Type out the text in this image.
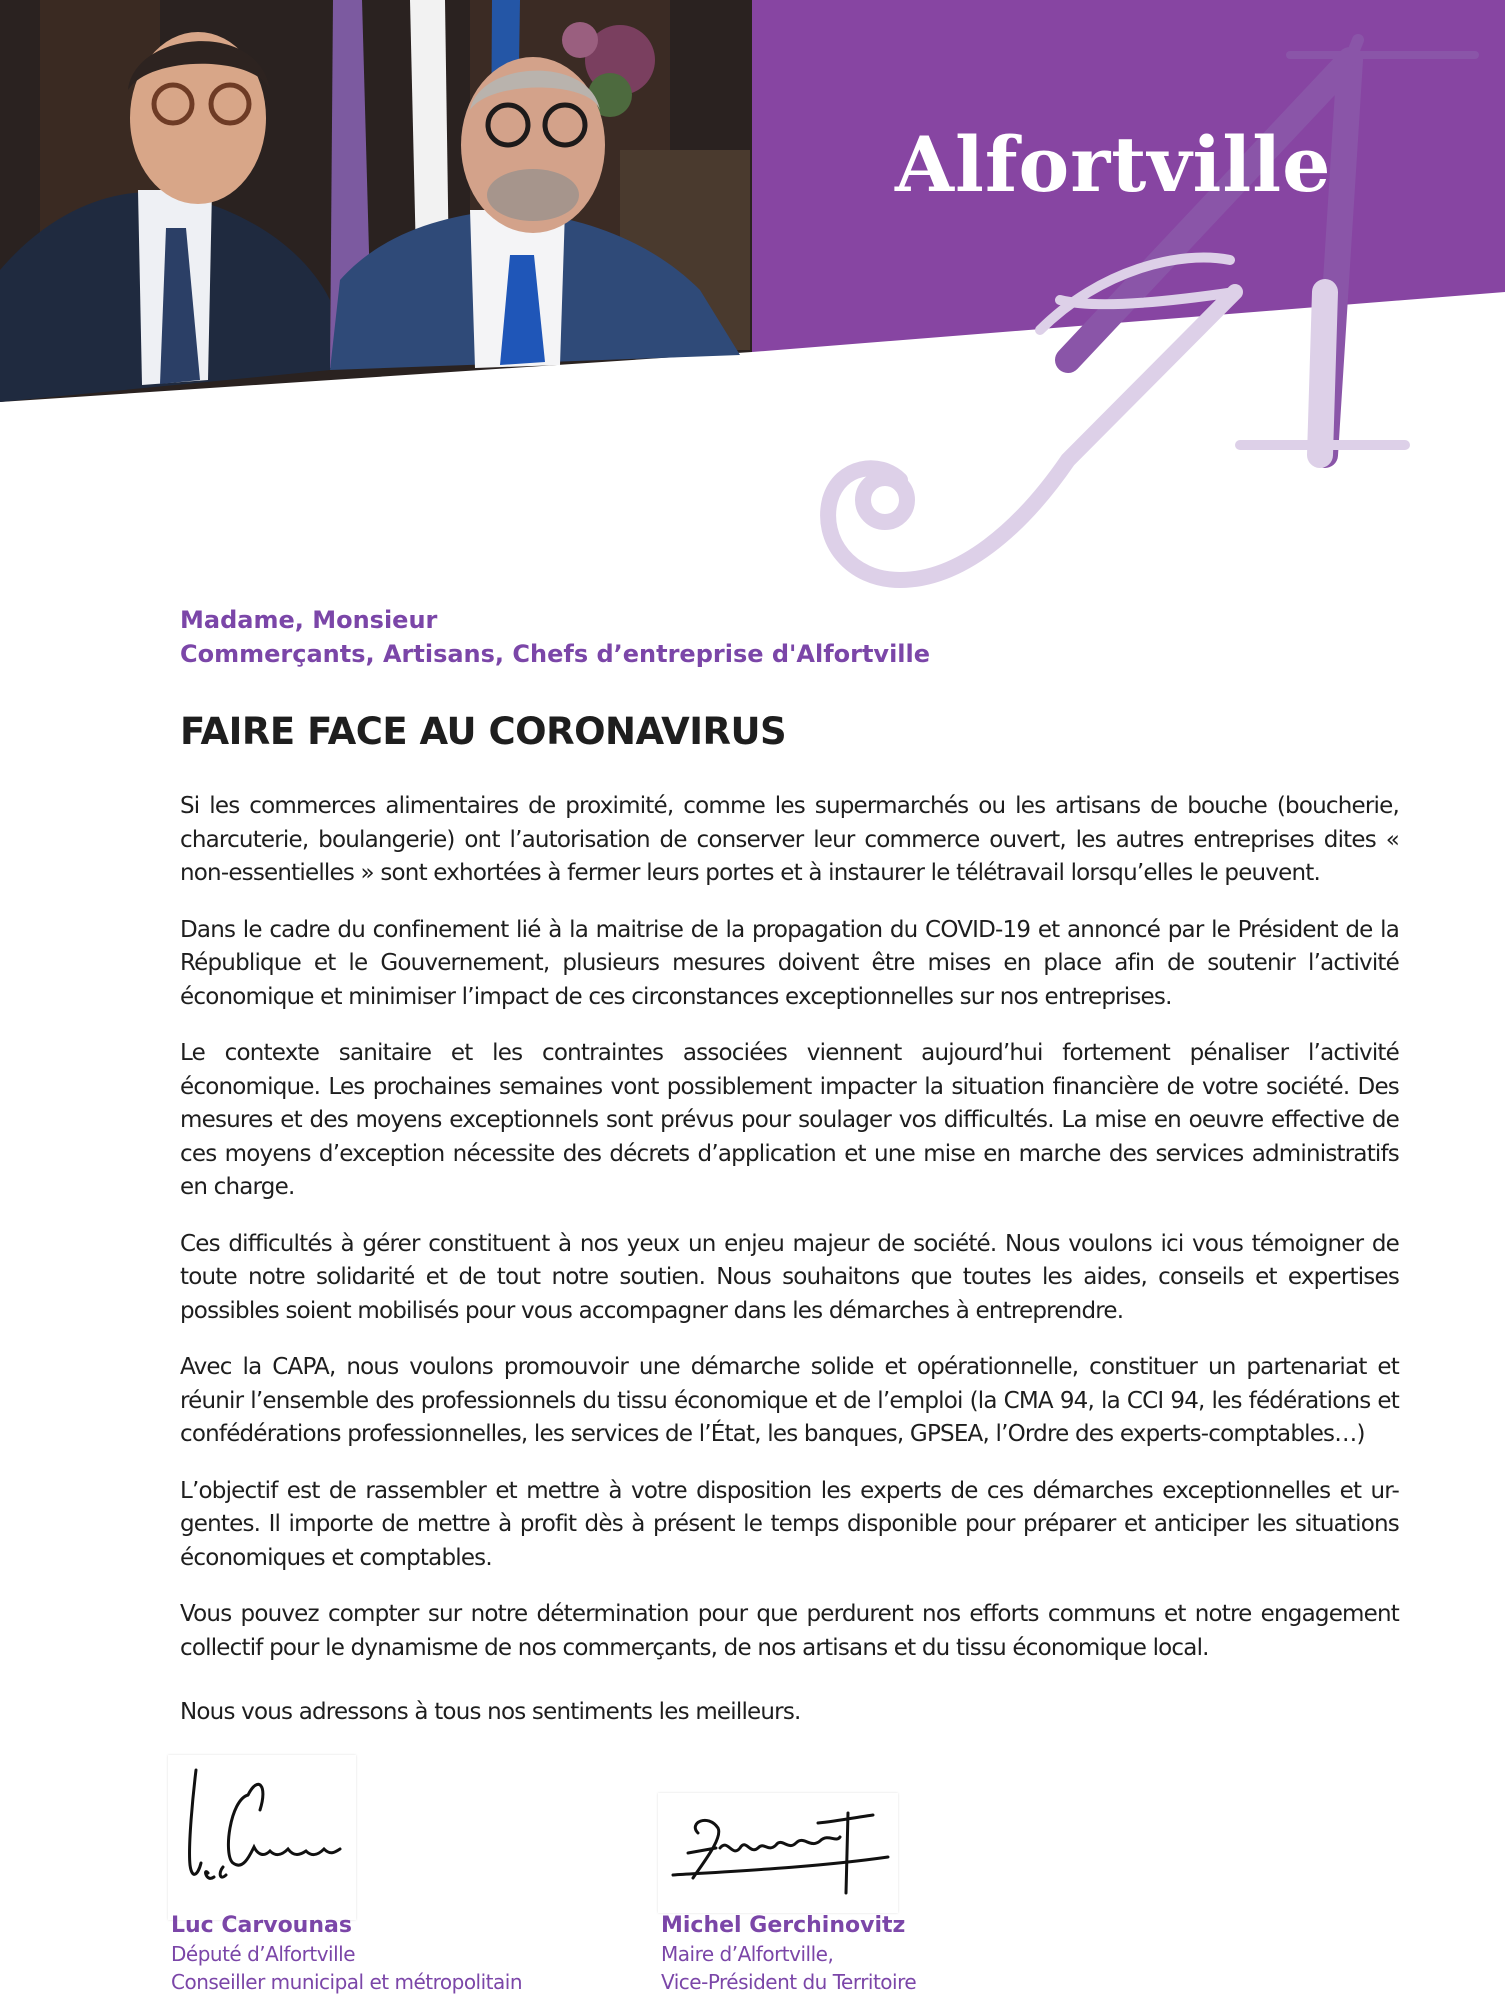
Alfortville
Madame, Monsieur
Commerçants, Artisans, Chefs d’entreprise d'Alfortville
FAIRE FACE AU CORONAVIRUS

Si les commerces alimentaires de proximité, comme les supermarchés ou les artisans de bouche (boucherie, charcuterie, boulangerie) ont l’autorisation de conserver leur commerce ouvert, les autres entreprises dites « non-essentielles » sont exhortées à fermer leurs portes et à instaurer le télétravail lorsqu’elles le peuvent.

Dans le cadre du confinement lié à la maitrise de la propagation du COVID-19 et annoncé par le Président de la République et le Gouvernement, plusieurs mesures doivent être mises en place afin de soutenir l’activité économique et minimiser l’impact de ces circonstances exceptionnelles sur nos entreprises.

Le contexte sanitaire et les contraintes associées viennent aujourd’hui fortement pénaliser l’activité économique. Les prochaines semaines vont possiblement impacter la situation financière de votre société. Des mesures et des moyens exceptionnels sont prévus pour soulager vos difficultés. La mise en oeuvre effective de ces moyens d’exception nécessite des décrets d’application et une mise en marche des services administratifs en charge.

Ces difficultés à gérer constituent à nos yeux un enjeu majeur de société. Nous voulons ici vous témoigner de toute notre solidarité et de tout notre soutien. Nous souhaitons que toutes les aides, conseils et expertises possibles soient mobilisés pour vous accompagner dans les démarches à entreprendre.

Avec la CAPA, nous voulons promouvoir une démarche solide et opérationnelle, constituer un partenariat et réunir l’ensemble des professionnels du tissu économique et de l’emploi (la CMA 94, la CCI 94, les fédérations et confédérations professionnelles, les services de l’État, les banques, GPSEA, l’Ordre des experts-comptables…)

L’objectif est de rassembler et mettre à votre disposition les experts de ces démarches exceptionnelles et ur-gentes. Il importe de mettre à profit dès à présent le temps disponible pour préparer et anticiper les situations économiques et comptables.

Vous pouvez compter sur notre détermination pour que perdurent nos efforts communs et notre engagement collectif pour le dynamisme de nos commerçants, de nos artisans et du tissu économique local.

Nous vous adressons à tous nos sentiments les meilleurs.

Luc Carvounas
Député d’Alfortville
Conseiller municipal et métropolitain
Michel Gerchinovitz
Maire d’Alfortville,
Vice-Président du Territoire
